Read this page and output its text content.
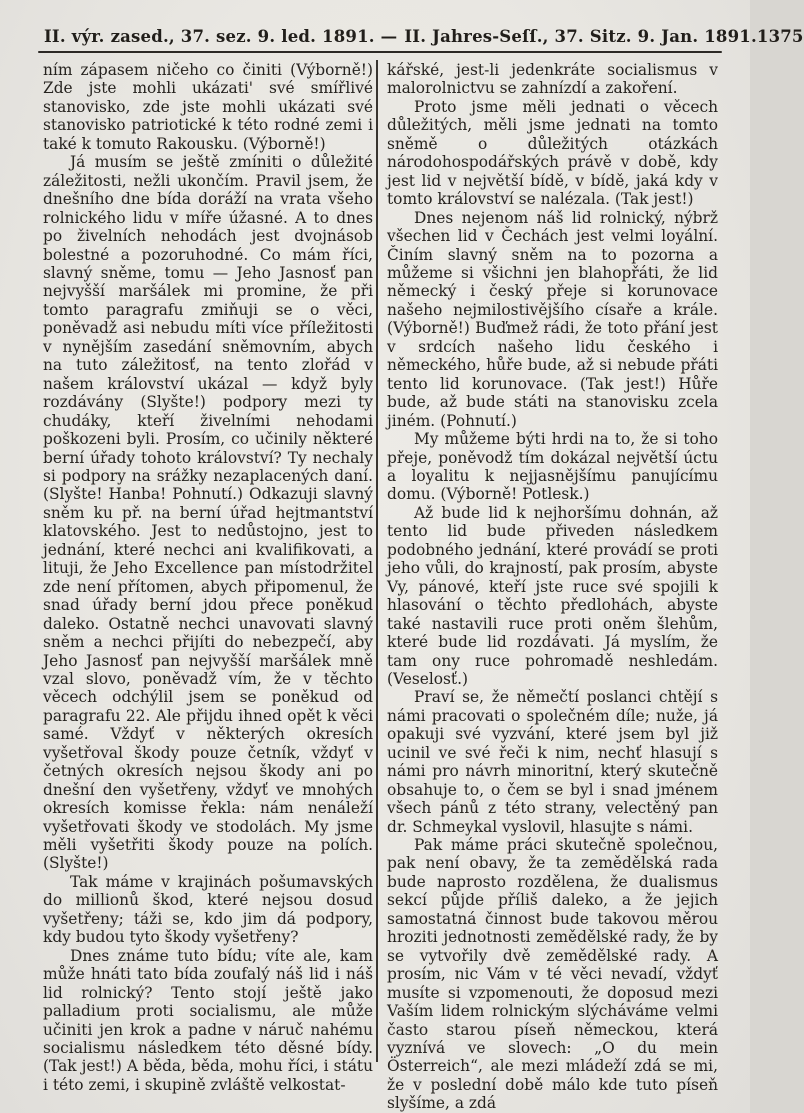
II. výr. zased., 37. sez. 9. led. 1891. — II. Jahres-Seſſ., 37. Sitz. 9. Jan. 1891. 1375

ním zápasem ničeho co činiti (Výborně!) Zde jste mohli ukázati' své smířlivé stanovisko, zde jste mohli ukázati své stanovisko patriotické k této rodné zemi i také k tomuto Rakousku. (Výborně!)

Já musím se ještě zmíniti o důležité záležitosti, nežli ukončím. Pravil jsem, že dnešního dne bída doráží na vrata všeho rolnického lidu v míře úžasné. A to dnes po živelních nehodách jest dvojnásob bolestné a pozoruhodné. Co mám říci, slavný sněme, tomu — Jeho Jasnosť pan nejvyšší maršálek mi promine, že při tomto paragrafu zmiňuji se o věci, poněvadž asi nebudu míti více příležitosti v nynějším zasedání sněmovním, abych na tuto záležitosť, na tento zlořád v našem království ukázal — když byly rozdávány (Slyšte!) podpory mezi ty chudáky, kteří živelními nehodami poškozeni byli. Prosím, co učinily některé berní úřady tohoto království? Ty nechaly si podpory na srážky nezaplacených daní. (Slyšte! Hanba! Pohnutí.) Odkazuji slavný sněm ku př. na berní úřad hejtmantství klatovského. Jest to nedůstojno, jest to jednání, které nechci ani kvalifikovati, a lituji, že Jeho Excellence pan místodržitel zde není přítomen, abych připomenul, že snad úřady berní jdou přece poněkud daleko. Ostatně nechci unavovati slavný sněm a nechci přijíti do nebezpečí, aby Jeho Jasnosť pan nejvyšší maršálek mně vzal slovo, poněvadž vím, že v těchto věcech odchýlil jsem se poněkud od paragrafu 22. Ale přijdu ihned opět k věci samé. Vždyť v některých okresích vyšetřoval škody pouze četník, vždyť v četných okresích nejsou škody ani po dnešní den vyšetřeny, vždyť ve mnohých okresích komisse řekla: nám nenáleží vyšetřovati škody ve stodolách. My jsme měli vyšetřiti škody pouze na polích. (Slyšte!)

Tak máme v krajinách pošumavských do millionů škod, které nejsou dosud vyšetřeny; táži se, kdo jim dá podpory, kdy budou tyto škody vyšetřeny?

Dnes známe tuto bídu; víte ale, kam může hnáti tato bída zoufalý náš lid i náš lid rolnický? Tento stojí ještě jako palladium proti socialismu, ale může učiniti jen krok a padne v náruč nahému socialismu následkem této děsné bídy. (Tak jest!) A běda, běda, mohu říci, i státu i této zemi, i skupině zvláště velkostat-

kářské, jest-li jedenkráte socialismus v malorolnictvu se zahnízdí a zakoření.

Proto jsme měli jednati o věcech důležitých, měli jsme jednati na tomto sněmě o důležitých otázkách národohospodářských právě v době, kdy jest lid v největší bídě, v bídě, jaká kdy v tomto království se nalézala. (Tak jest!)

Dnes nejenom náš lid rolnický, nýbrž všechen lid v Čechách jest velmi loyální. Činím slavný sněm na to pozorna a můžeme si všichni jen blahopřáti, že lid německý i český přeje si korunovace našeho nejmilostivějšího císaře a krále. (Výborně!) Buďmež rádi, že toto přání jest v srdcích našeho lidu českého i německého, hůře bude, až si nebude přáti tento lid korunovace. (Tak jest!) Hůře bude, až bude státi na stanovisku zcela jiném. (Pohnutí.)

My můžeme býti hrdi na to, že si toho přeje, poněvodž tím dokázal největší úctu a loyalitu k nejjasnějšímu panujícímu domu. (Výborně! Potlesk.)

Až bude lid k nejhoršímu dohnán, až tento lid bude přiveden následkem podobného jednání, které provádí se proti jeho vůli, do krajností, pak prosím, abyste Vy, pánové, kteří jste ruce své spojili k hlasování o těchto předlohách, abyste také nastavili ruce proti oněm šlehům, které bude lid rozdávati. Já myslím, že tam ony ruce pohromadě neshledám. (Veselosť.)

Praví se, že němečtí poslanci chtějí s námi pracovati o společném díle; nuže, já opakuji své vyzvání, které jsem byl již ucinil ve své řeči k nim, nechť hlasují s námi pro návrh minoritní, který skutečně obsahuje to, o čem se byl i snad jménem všech pánů z této strany, velectěný pan dr. Schmeykal vyslovil, hlasujte s námi.

Pak máme práci skutečně společnou, pak není obavy, že ta zemědělská rada bude naprosto rozdělena, že dualismus sekcí půjde příliš daleko, a že jejich samostatná činnost bude takovou měrou hroziti jednotnosti zemědělské rady, že by se vytvořily dvě zemědělské rady. A prosím, nic Vám v té věci nevadí, vždyť musíte si vzpomenouti, že doposud mezi Vaším lidem rolnickým slýcháváme velmi často starou píseň německou, která vyznívá ve slovech: „O du mein Österreich“, ale mezi mládeží zdá se mi, že v poslední době málo kde tuto píseň slyšíme, a zdá
